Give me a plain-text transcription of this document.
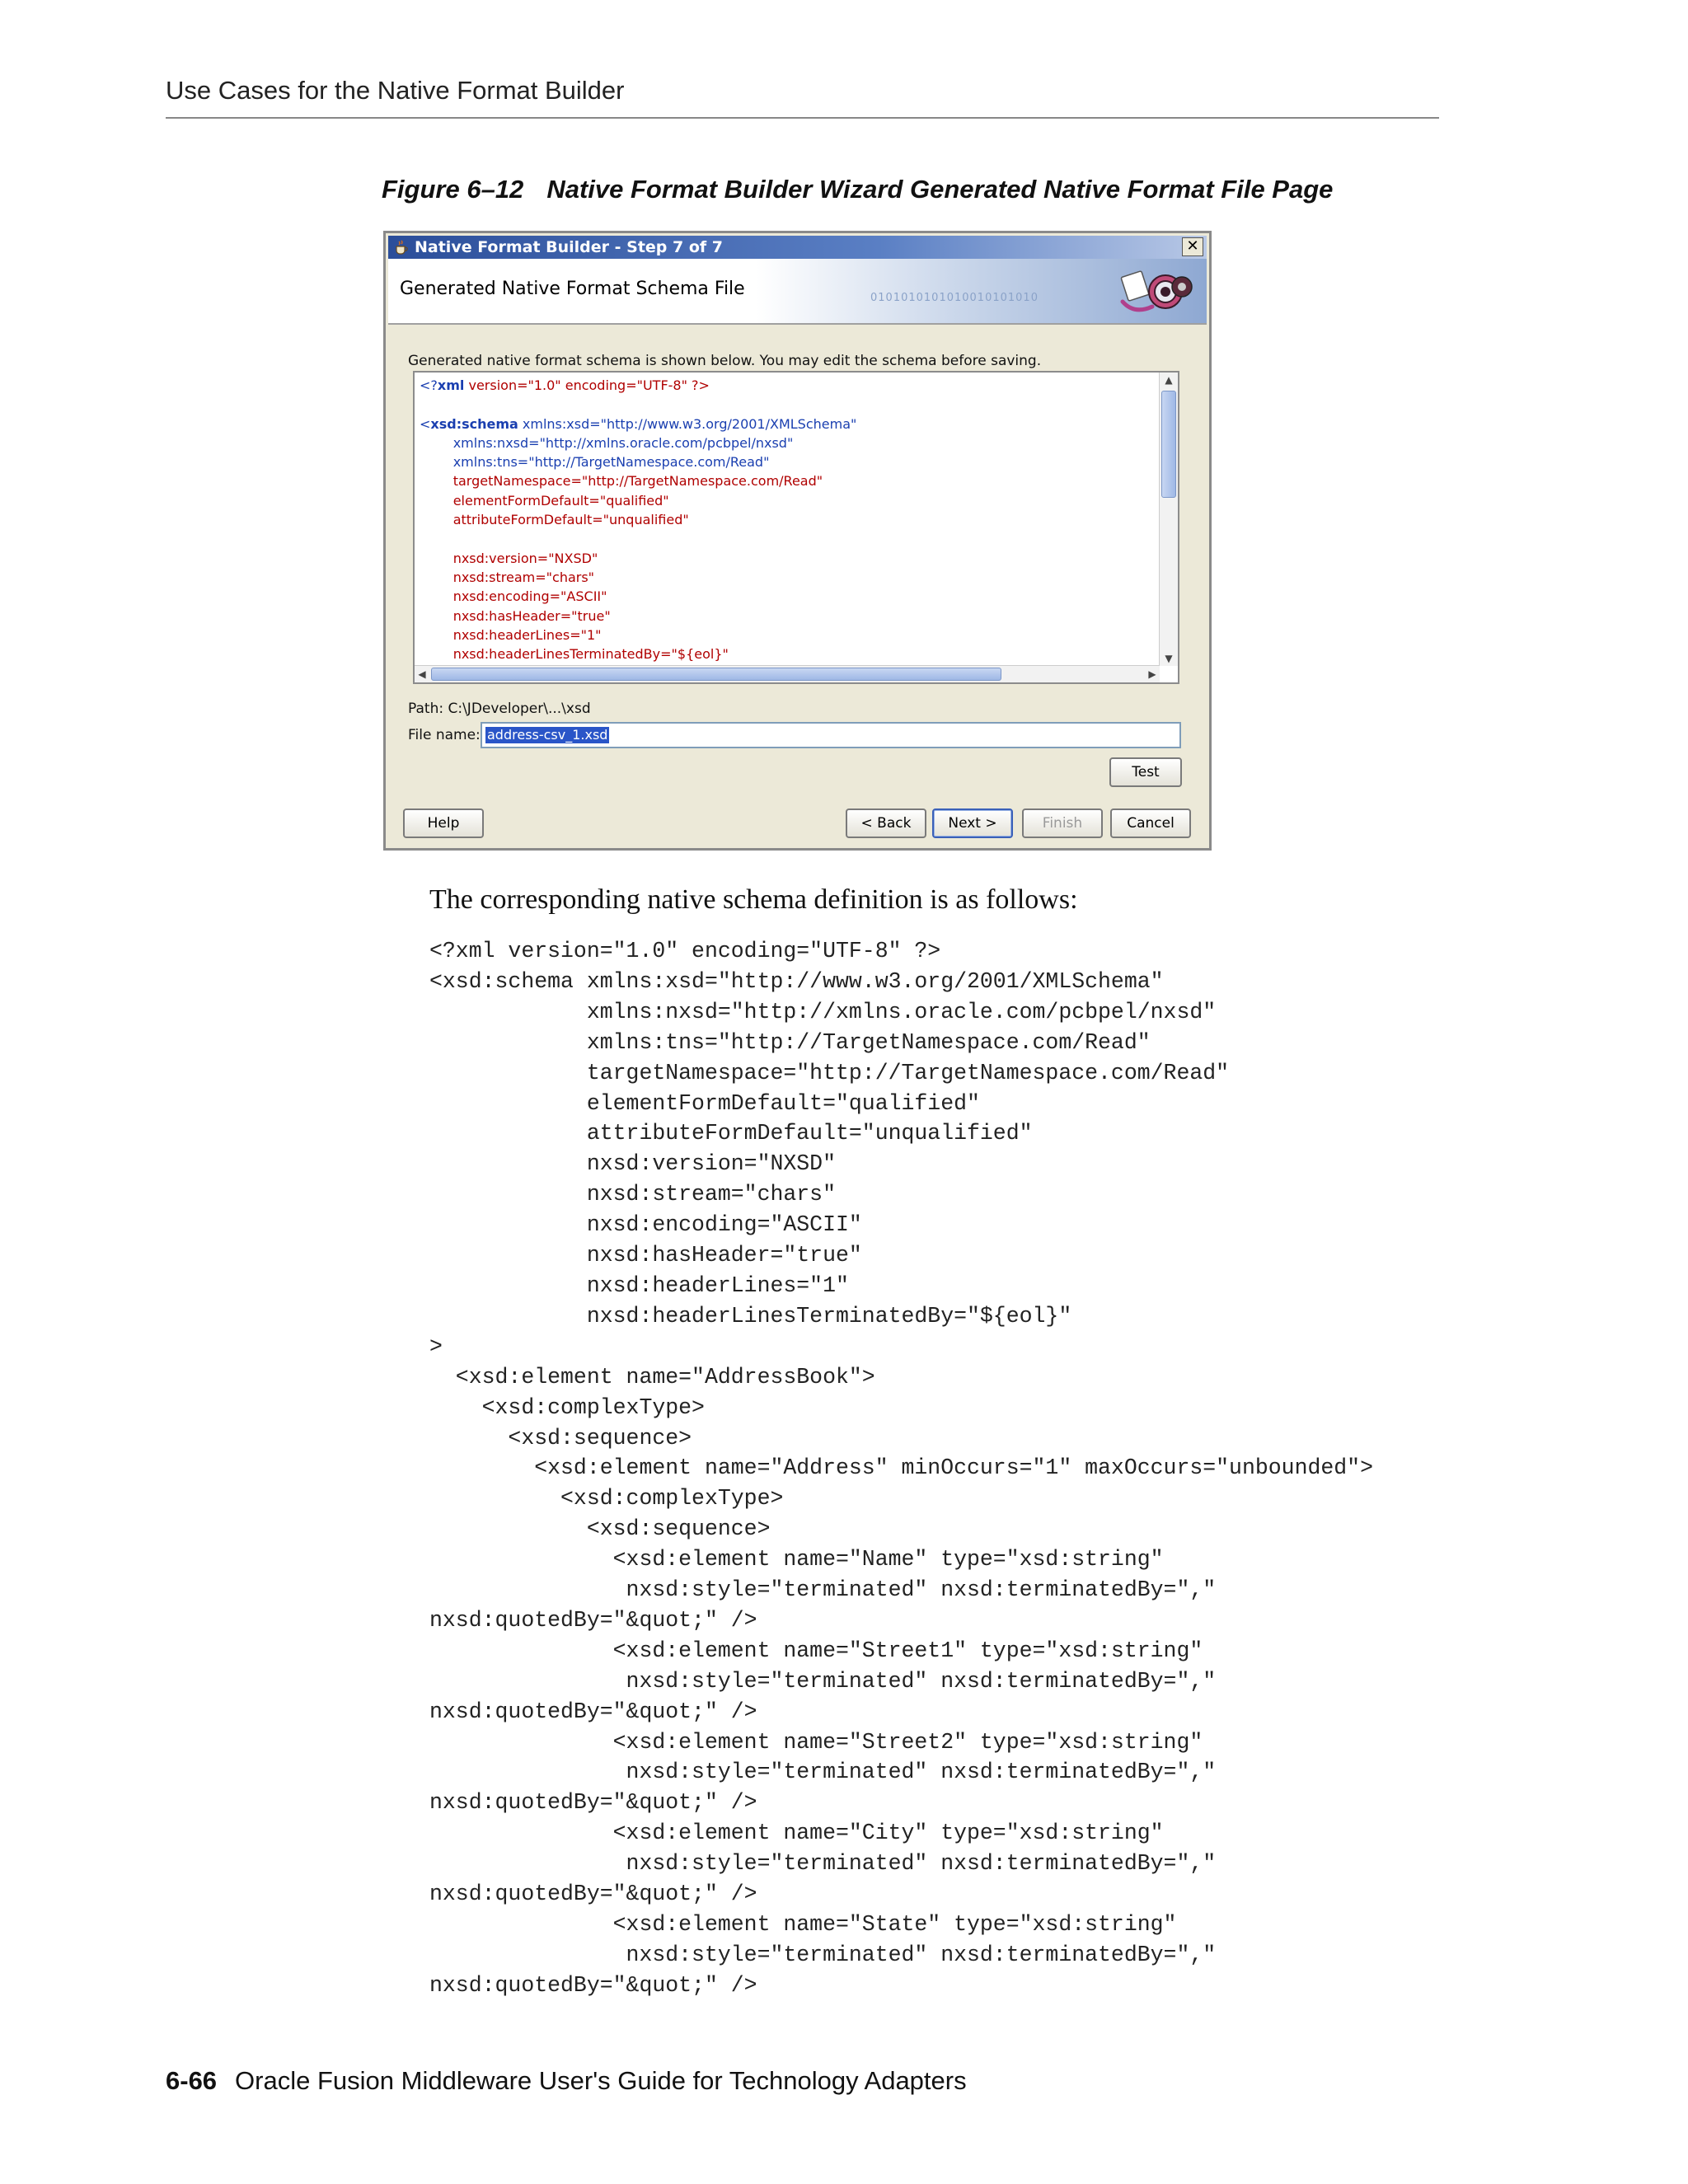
Use Cases for the Native Format Builder
Figure 6–12 Native Format Builder Wizard Generated Native Format File Page
Native Format Builder - Step 7 of 7	✕
Generated Native Format Schema File	0101010101010010101010
Generated native format schema is shown below. You may edit the schema before saving.
<?xml version="1.0" encoding="UTF-8" ?>

<xsd:schema xmlns:xsd="http://www.w3.org/2001/XMLSchema"
xmlns:nxsd="http://xmlns.oracle.com/pcbpel/nxsd"
xmlns:tns="http://TargetNamespace.com/Read"
targetNamespace="http://TargetNamespace.com/Read"
elementFormDefault="qualified"
attributeFormDefault="unqualified"

nxsd:version="NXSD"
nxsd:stream="chars"
nxsd:encoding="ASCII"
nxsd:hasHeader="true"
nxsd:headerLines="1"
nxsd:headerLinesTerminatedBy="${eol}"
▲
▼
◀	▶
Path: C:\JDeveloper\...\xsd
File name: address-csv_1.xsd
Test
Help	< Back	Next >	Finish	Cancel
The corresponding native schema definition is as follows:
<?xml version="1.0" encoding="UTF-8" ?>
<xsd:schema xmlns:xsd="http://www.w3.org/2001/XMLSchema"
xmlns:nxsd="http://xmlns.oracle.com/pcbpel/nxsd"
xmlns:tns="http://TargetNamespace.com/Read"
targetNamespace="http://TargetNamespace.com/Read"
elementFormDefault="qualified"
attributeFormDefault="unqualified"
nxsd:version="NXSD"
nxsd:stream="chars"
nxsd:encoding="ASCII"
nxsd:hasHeader="true"
nxsd:headerLines="1"
nxsd:headerLinesTerminatedBy="${eol}"
>
<xsd:element name="AddressBook">
<xsd:complexType>
<xsd:sequence>
<xsd:element name="Address" minOccurs="1" maxOccurs="unbounded">
<xsd:complexType>
<xsd:sequence>
<xsd:element name="Name" type="xsd:string"
nxsd:style="terminated" nxsd:terminatedBy=","
nxsd:quotedBy="&quot;" />
<xsd:element name="Street1" type="xsd:string"
nxsd:style="terminated" nxsd:terminatedBy=","
nxsd:quotedBy="&quot;" />
<xsd:element name="Street2" type="xsd:string"
nxsd:style="terminated" nxsd:terminatedBy=","
nxsd:quotedBy="&quot;" />
<xsd:element name="City" type="xsd:string"
nxsd:style="terminated" nxsd:terminatedBy=","
nxsd:quotedBy="&quot;" />
<xsd:element name="State" type="xsd:string"
nxsd:style="terminated" nxsd:terminatedBy=","
nxsd:quotedBy="&quot;" />
6-66 Oracle Fusion Middleware User's Guide for Technology Adapters
